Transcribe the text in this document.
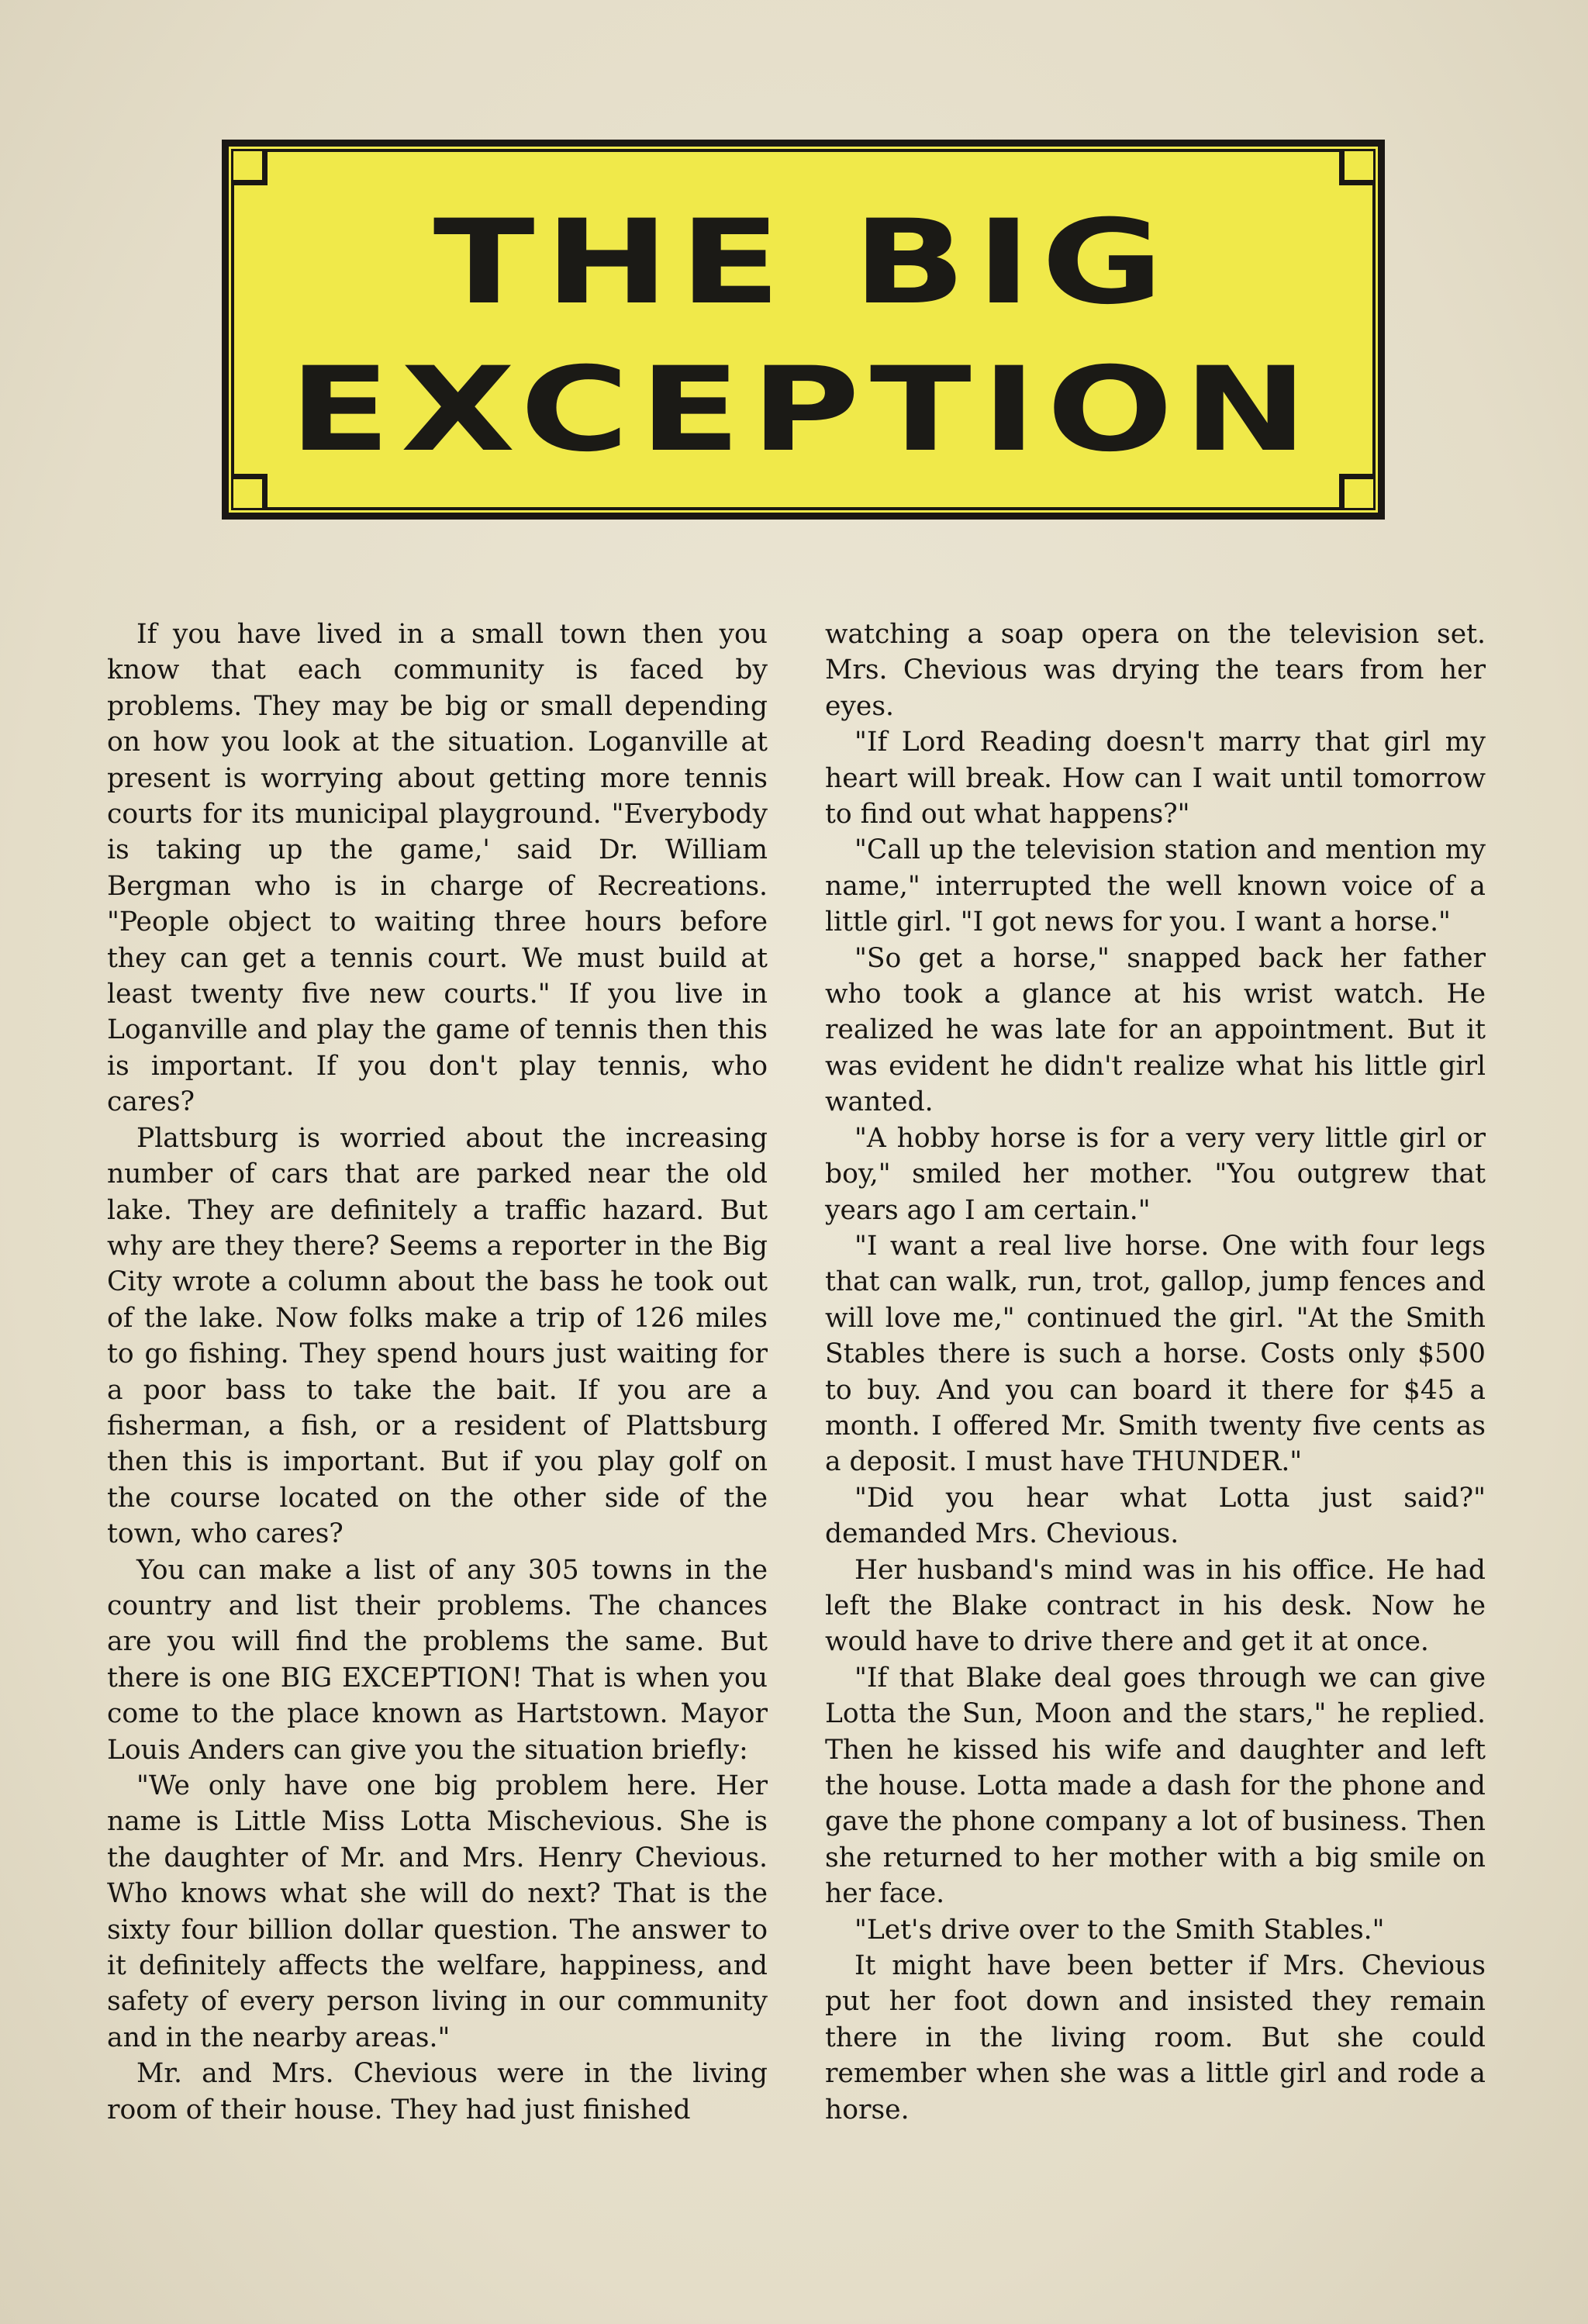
THE BIG
EXCEPTION

If you have lived in a small town then you know that each community is faced by problems. They may be big or small depending on how you look at the situation. Loganville at present is worrying about getting more tennis courts for its municipal playground. "Everybody is taking up the game,' said Dr. William Bergman who is in charge of Recreations. "People object to waiting three hours before they can get a tennis court. We must build at least twenty five new courts." If you live in Loganville and play the game of tennis then this is important. If you don't play tennis, who cares?

Plattsburg is worried about the increasing number of cars that are parked near the old lake. They are definitely a traffic hazard. But why are they there? Seems a reporter in the Big City wrote a column about the bass he took out of the lake. Now folks make a trip of 126 miles to go fishing. They spend hours just waiting for a poor bass to take the bait. If you are a fisherman, a fish, or a resident of Plattsburg then this is important. But if you play golf on the course located on the other side of the town, who cares?

You can make a list of any 305 towns in the country and list their problems. The chances are you will find the problems the same. But there is one BIG EXCEPTION! That is when you come to the place known as Hartstown. Mayor Louis Anders can give you the situation briefly:

"We only have one big problem here. Her name is Little Miss Lotta Mischevious. She is the daughter of Mr. and Mrs. Henry Chevious. Who knows what she will do next? That is the sixty four billion dollar question. The answer to it definitely affects the welfare, happiness, and safety of every person living in our community and in the nearby areas."

Mr. and Mrs. Chevious were in the living room of their house. They had just finished

watching a soap opera on the television set. Mrs. Chevious was drying the tears from her eyes.

"If Lord Reading doesn't marry that girl my heart will break. How can I wait until tomorrow to find out what happens?"

"Call up the television station and mention my name," interrupted the well known voice of a little girl. "I got news for you. I want a horse."

"So get a horse," snapped back her father who took a glance at his wrist watch. He realized he was late for an appointment. But it was evident he didn't realize what his little girl wanted.

"A hobby horse is for a very very little girl or boy," smiled her mother. "You outgrew that years ago I am certain."

"I want a real live horse. One with four legs that can walk, run, trot, gallop, jump fences and will love me," continued the girl. "At the Smith Stables there is such a horse. Costs only $500 to buy. And you can board it there for $45 a month. I offered Mr. Smith twenty five cents as a deposit. I must have THUNDER."

"Did you hear what Lotta just said?" demanded Mrs. Chevious.

Her husband's mind was in his office. He had left the Blake contract in his desk. Now he would have to drive there and get it at once.

"If that Blake deal goes through we can give Lotta the Sun, Moon and the stars," he replied. Then he kissed his wife and daughter and left the house. Lotta made a dash for the phone and gave the phone company a lot of business. Then she returned to her mother with a big smile on her face.

"Let's drive over to the Smith Stables."

It might have been better if Mrs. Chevious put her foot down and insisted they remain there in the living room. But she could remember when she was a little girl and rode a horse.
